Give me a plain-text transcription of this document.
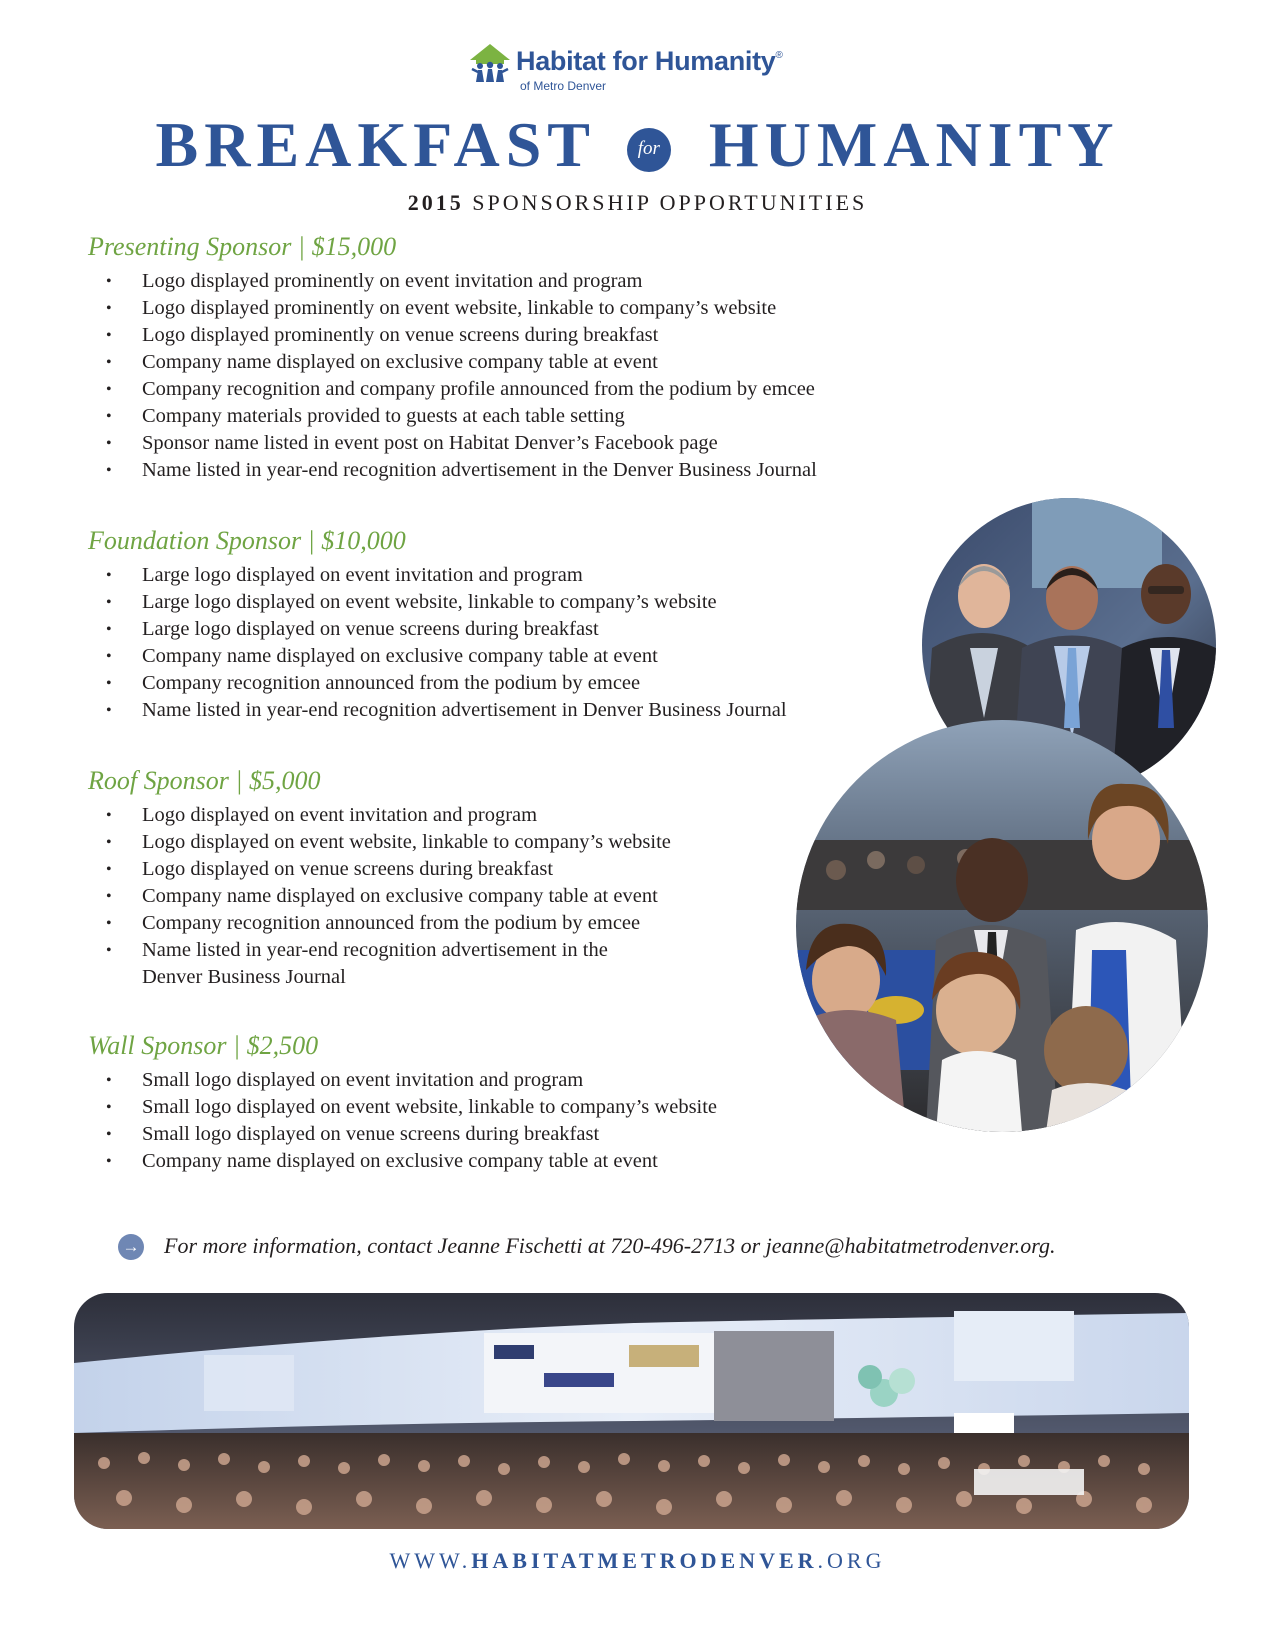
Habitat for Humanity®
of Metro Denver
BREAKFAST for HUMANITY
2015 SPONSORSHIP OPPORTUNITIES
Presenting Sponsor | $15,000
• Logo displayed prominently on event invitation and program
• Logo displayed prominently on event website, linkable to company’s website
• Logo displayed prominently on venue screens during breakfast
• Company name displayed on exclusive company table at event
• Company recognition and company profile announced from the podium by emcee
• Company materials provided to guests at each table setting
• Sponsor name listed in event post on Habitat Denver’s Facebook page
• Name listed in year-end recognition advertisement in the Denver Business Journal
Foundation Sponsor | $10,000
• Large logo displayed on event invitation and program
• Large logo displayed on event website, linkable to company’s website
• Large logo displayed on venue screens during breakfast
• Company name displayed on exclusive company table at event
• Company recognition announced from the podium by emcee
• Name listed in year-end recognition advertisement in Denver Business Journal
Roof Sponsor | $5,000
• Logo displayed on event invitation and program
• Logo displayed on event website, linkable to company’s website
• Logo displayed on venue screens during breakfast
• Company name displayed on exclusive company table at event
• Company recognition announced from the podium by emcee
• Name listed in year-end recognition advertisement in the
Denver Business Journal
Wall Sponsor | $2,500
• Small logo displayed on event invitation and program
• Small logo displayed on event website, linkable to company’s website
• Small logo displayed on venue screens during breakfast
• Company name displayed on exclusive company table at event
→ For more information, contact Jeanne Fischetti at 720-496-2713 or jeanne@habitatmetrodenver.org.
WWW.HABITATMETRODENVER.ORG
